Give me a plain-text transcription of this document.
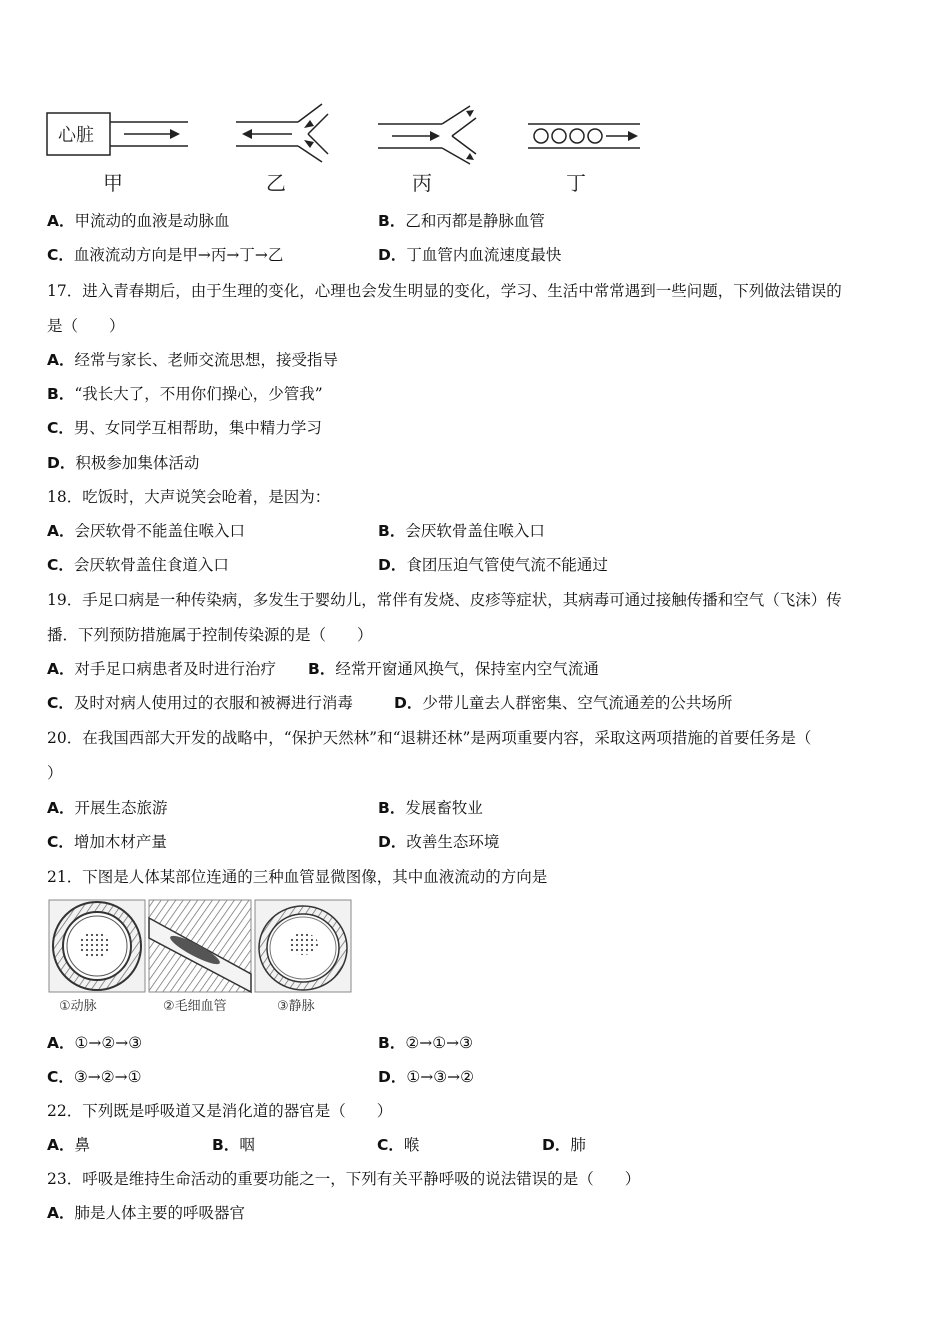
心脏
甲	乙	丙	丁
A．甲流动的血液是动脉血	B．乙和丙都是静脉血管
C．血液流动方向是甲→丙→丁→乙	D．丁血管内血流速度最快
17．进入青春期后，由于生理的变化，心理也会发生明显的变化，学习、生活中常常遇到一些问题，下列做法错误的
是（　　）
A．经常与家长、老师交流思想，接受指导
B．“我长大了，不用你们操心，少管我”
C．男、女同学互相帮助，集中精力学习
D．积极参加集体活动
18．吃饭时，大声说笑会呛着，是因为：
A．会厌软骨不能盖住喉入口	B．会厌软骨盖住喉入口
C．会厌软骨盖住食道入口	D．食团压迫气管使气流不能通过
19．手足口病是一种传染病，多发生于婴幼儿，常伴有发烧、皮疹等症状，其病毒可通过接触传播和空气（飞沫）传
播．下列预防措施属于控制传染源的是（　　）
A．对手足口病患者及时进行治疗 B．经常开窗通风换气，保持室内空气流通
C．及时对病人使用过的衣服和被褥进行消毒	D．少带儿童去人群密集、空气流通差的公共场所
20．在我国西部大开发的战略中，“保护天然林”和“退耕还林”是两项重要内容，采取这两项措施的首要任务是（
）
A．开展生态旅游	B．发展畜牧业
C．增加木材产量	D．改善生态环境
21．下图是人体某部位连通的三种血管显微图像，其中血液流动的方向是
①动脉	②毛细血管	③静脉
A．①→②→③	B．②→①→③
C．③→②→①	D．①→③→②
22．下列既是呼吸道又是消化道的器官是（　　）
A．鼻	B．咽	C．喉	D．肺
23．呼吸是维持生命活动的重要功能之一，下列有关平静呼吸的说法错误的是（　　）
A．肺是人体主要的呼吸器官
